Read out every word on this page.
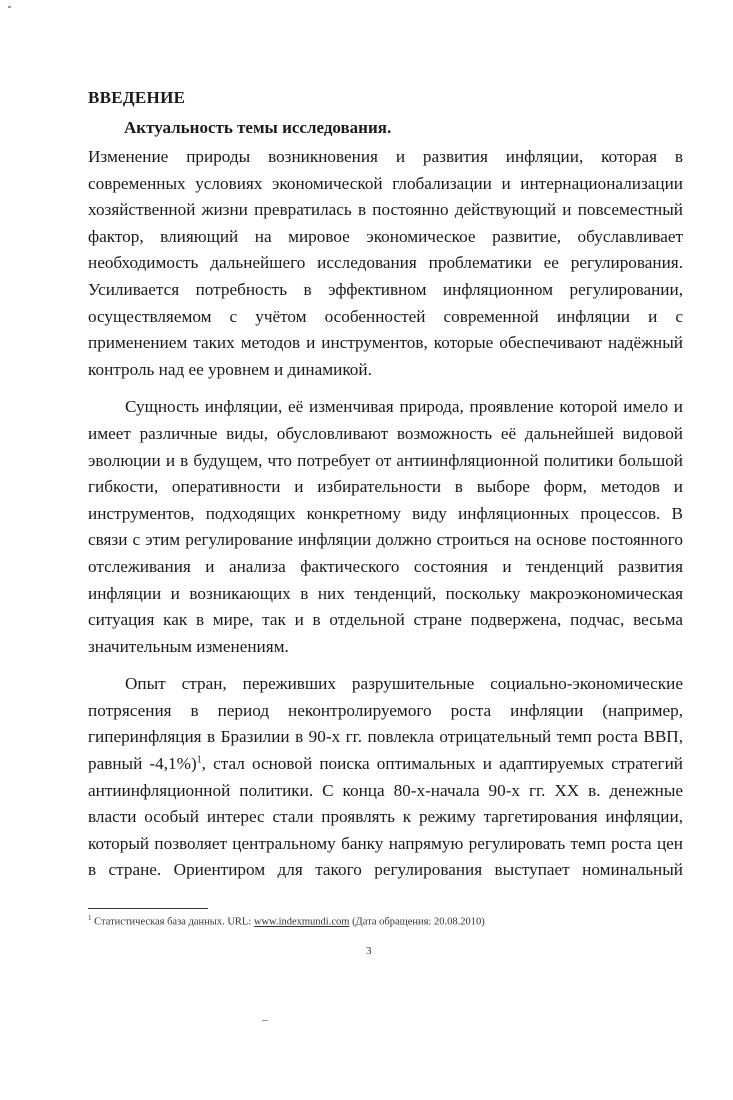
ВВЕДЕНИЕ
Актуальность темы исследования.

Изменение природы возникновения и развития инфляции, которая в современных условиях экономической глобализации и интернационализации хозяйственной жизни превратилась в постоянно действующий и повсеместный фактор, влияющий на мировое экономическое развитие, обуславливает необходимость дальнейшего исследования проблематики ее регулирования. Усиливается потребность в эффективном инфляционном регулировании, осуществляемом с учётом особенностей современной инфляции и с применением таких методов и инструментов, которые обеспечивают надёжный контроль над ее уровнем и динамикой.

Сущность инфляции, её изменчивая природа, проявление которой имело и имеет различные виды, обусловливают возможность её дальнейшей видовой эволюции и в будущем, что потребует от антиинфляционной политики большой гибкости, оперативности и избирательности в выборе форм, методов и инструментов, подходящих конкретному виду инфляционных процессов. В связи с этим регулирование инфляции должно строиться на основе постоянного отслеживания и анализа фактического состояния и тенденций развития инфляции и возникающих в них тенденций, поскольку макроэкономическая ситуация как в мире, так и в отдельной стране подвержена, подчас, весьма значительным изменениям.

Опыт стран, переживших разрушительные социально-экономические потрясения в период неконтролируемого роста инфляции (например, гиперинфляция в Бразилии в 90-х гг. повлекла отрицательный темп роста ВВП, равный -4,1%)$^1$, стал основой поиска оптимальных и адаптируемых стратегий антиинфляционной политики. С конца 80-х-начала 90-х гг. XX в. денежные власти особый интерес стали проявлять к режиму таргетирования инфляции, который позволяет центральному банку напрямую регулировать темп роста цен в стране. Ориентиром для такого регулирования выступает номинальный

$^1$ Статистическая база данных. URL: www.indexmundi.com (Дата обращения: 20.08.2010)

3
